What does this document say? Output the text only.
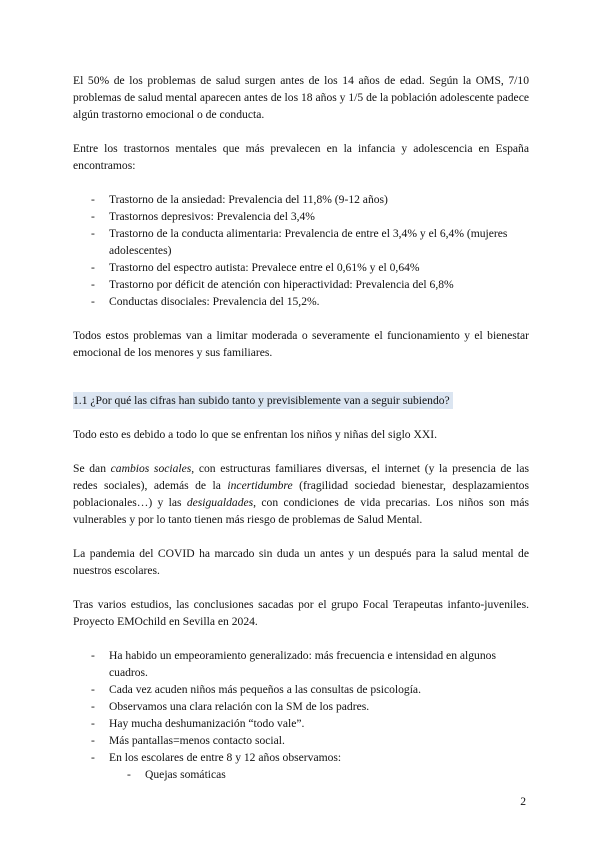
El 50% de los problemas de salud surgen antes de los 14 años de edad. Según la OMS, 7/10 problemas de salud mental aparecen antes de los 18 años y 1/5 de la población adolescente padece algún trastorno emocional o de conducta.

Entre los trastornos mentales que más prevalecen en la infancia y adolescencia en España encontramos:

- Trastorno de la ansiedad: Prevalencia del 11,8% (9-12 años)
- Trastornos depresivos: Prevalencia del 3,4%
- Trastorno de la conducta alimentaria: Prevalencia de entre el 3,4% y el 6,4% (mujeres adolescentes)
- Trastorno del espectro autista: Prevalece entre el 0,61% y el 0,64%
- Trastorno por déficit de atención con hiperactividad: Prevalencia del 6,8%
- Conductas disociales: Prevalencia del 15,2%.

Todos estos problemas van a limitar moderada o severamente el funcionamiento y el bienestar emocional de los menores y sus familiares.

1.1 ¿Por qué las cifras han subido tanto y previsiblemente van a seguir subiendo?

Todo esto es debido a todo lo que se enfrentan los niños y niñas del siglo XXI.

Se dan cambios sociales, con estructuras familiares diversas, el internet (y la presencia de las redes sociales), además de la incertidumbre (fragilidad sociedad bienestar, desplazamientos poblacionales…) y las desigualdades, con condiciones de vida precarias. Los niños son más vulnerables y por lo tanto tienen más riesgo de problemas de Salud Mental.

La pandemia del COVID ha marcado sin duda un antes y un después para la salud mental de nuestros escolares.

Tras varios estudios, las conclusiones sacadas por el grupo Focal Terapeutas infanto-juveniles. Proyecto EMOchild en Sevilla en 2024.

- Ha habido un empeoramiento generalizado: más frecuencia e intensidad en algunos cuadros.
- Cada vez acuden niños más pequeños a las consultas de psicología.
- Observamos una clara relación con la SM de los padres.
- Hay mucha deshumanización “todo vale”.
- Más pantallas=menos contacto social.
- En los escolares de entre 8 y 12 años observamos:
- Quejas somáticas
2
